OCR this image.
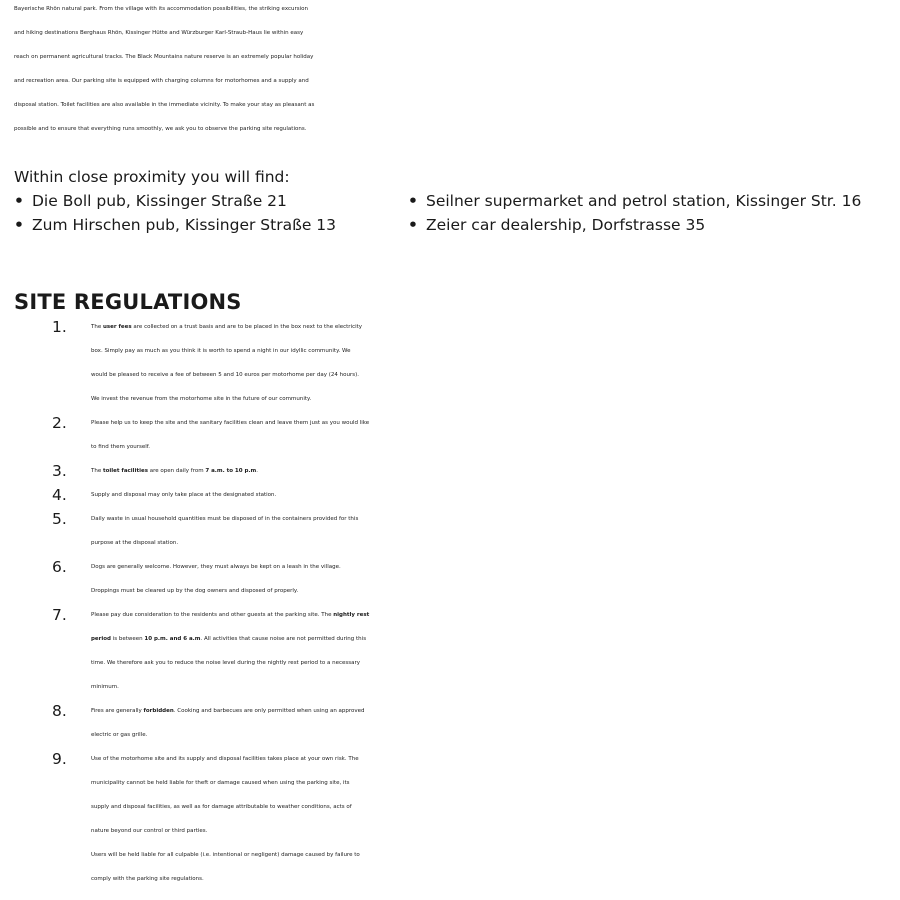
Bayerische Rhön natural park. From the village with its accommodation possibilities, the striking excursion
and hiking destinations Berghaus Rhön, Kissinger Hütte and Würzburger Karl-Straub-Haus lie within easy
reach on permanent agricultural tracks. The Black Mountains nature reserve is an extremely popular holiday
and recreation area. Our parking site is equipped with charging columns for motorhomes and a supply and
disposal station. Toilet facilities are also available in the immediate vicinity. To make your stay as pleasant as
possible and to ensure that everything runs smoothly, we ask you to observe the parking site regulations.

Within close proximity you will find:
• Die Boll pub, Kissinger Straße 21	• Seilner supermarket and petrol station, Kissinger Str. 16
• Zum Hirschen pub, Kissinger Straße 13	• Zeier car dealership, Dorfstrasse 35
SITE REGULATIONS
1.	The user fees are collected on a trust basis and are to be placed in the box next to the electricity
box. Simply pay as much as you think it is worth to spend a night in our idyllic community. We
would be pleased to receive a fee of between 5 and 10 euros per motorhome per day (24 hours).
We invest the revenue from the motorhome site in the future of our community.
2.	Please help us to keep the site and the sanitary facilities clean and leave them just as you would like
to find them yourself.
3.	The toilet facilities are open daily from 7 a.m. to 10 p.m.
4.	Supply and disposal may only take place at the designated station.
5.	Daily waste in usual household quantities must be disposed of in the containers provided for this
purpose at the disposal station.
6.	Dogs are generally welcome. However, they must always be kept on a leash in the village.
Droppings must be cleared up by the dog owners and disposed of properly.
7.	Please pay due consideration to the residents and other guests at the parking site. The nightly rest
period is between 10 p.m. and 6 a.m. All activities that cause noise are not permitted during this
time. We therefore ask you to reduce the noise level during the nightly rest period to a necessary
minimum.
8.	Fires are generally forbidden. Cooking and barbecues are only permitted when using an approved
electric or gas grille.
9.	Use of the motorhome site and its supply and disposal facilities takes place at your own risk. The
municipality cannot be held liable for theft or damage caused when using the parking site, its
supply and disposal facilities, as well as for damage attributable to weather conditions, acts of
nature beyond our control or third parties.
Users will be held liable for all culpable (i.e. intentional or negligent) damage caused by failure to
comply with the parking site regulations.
